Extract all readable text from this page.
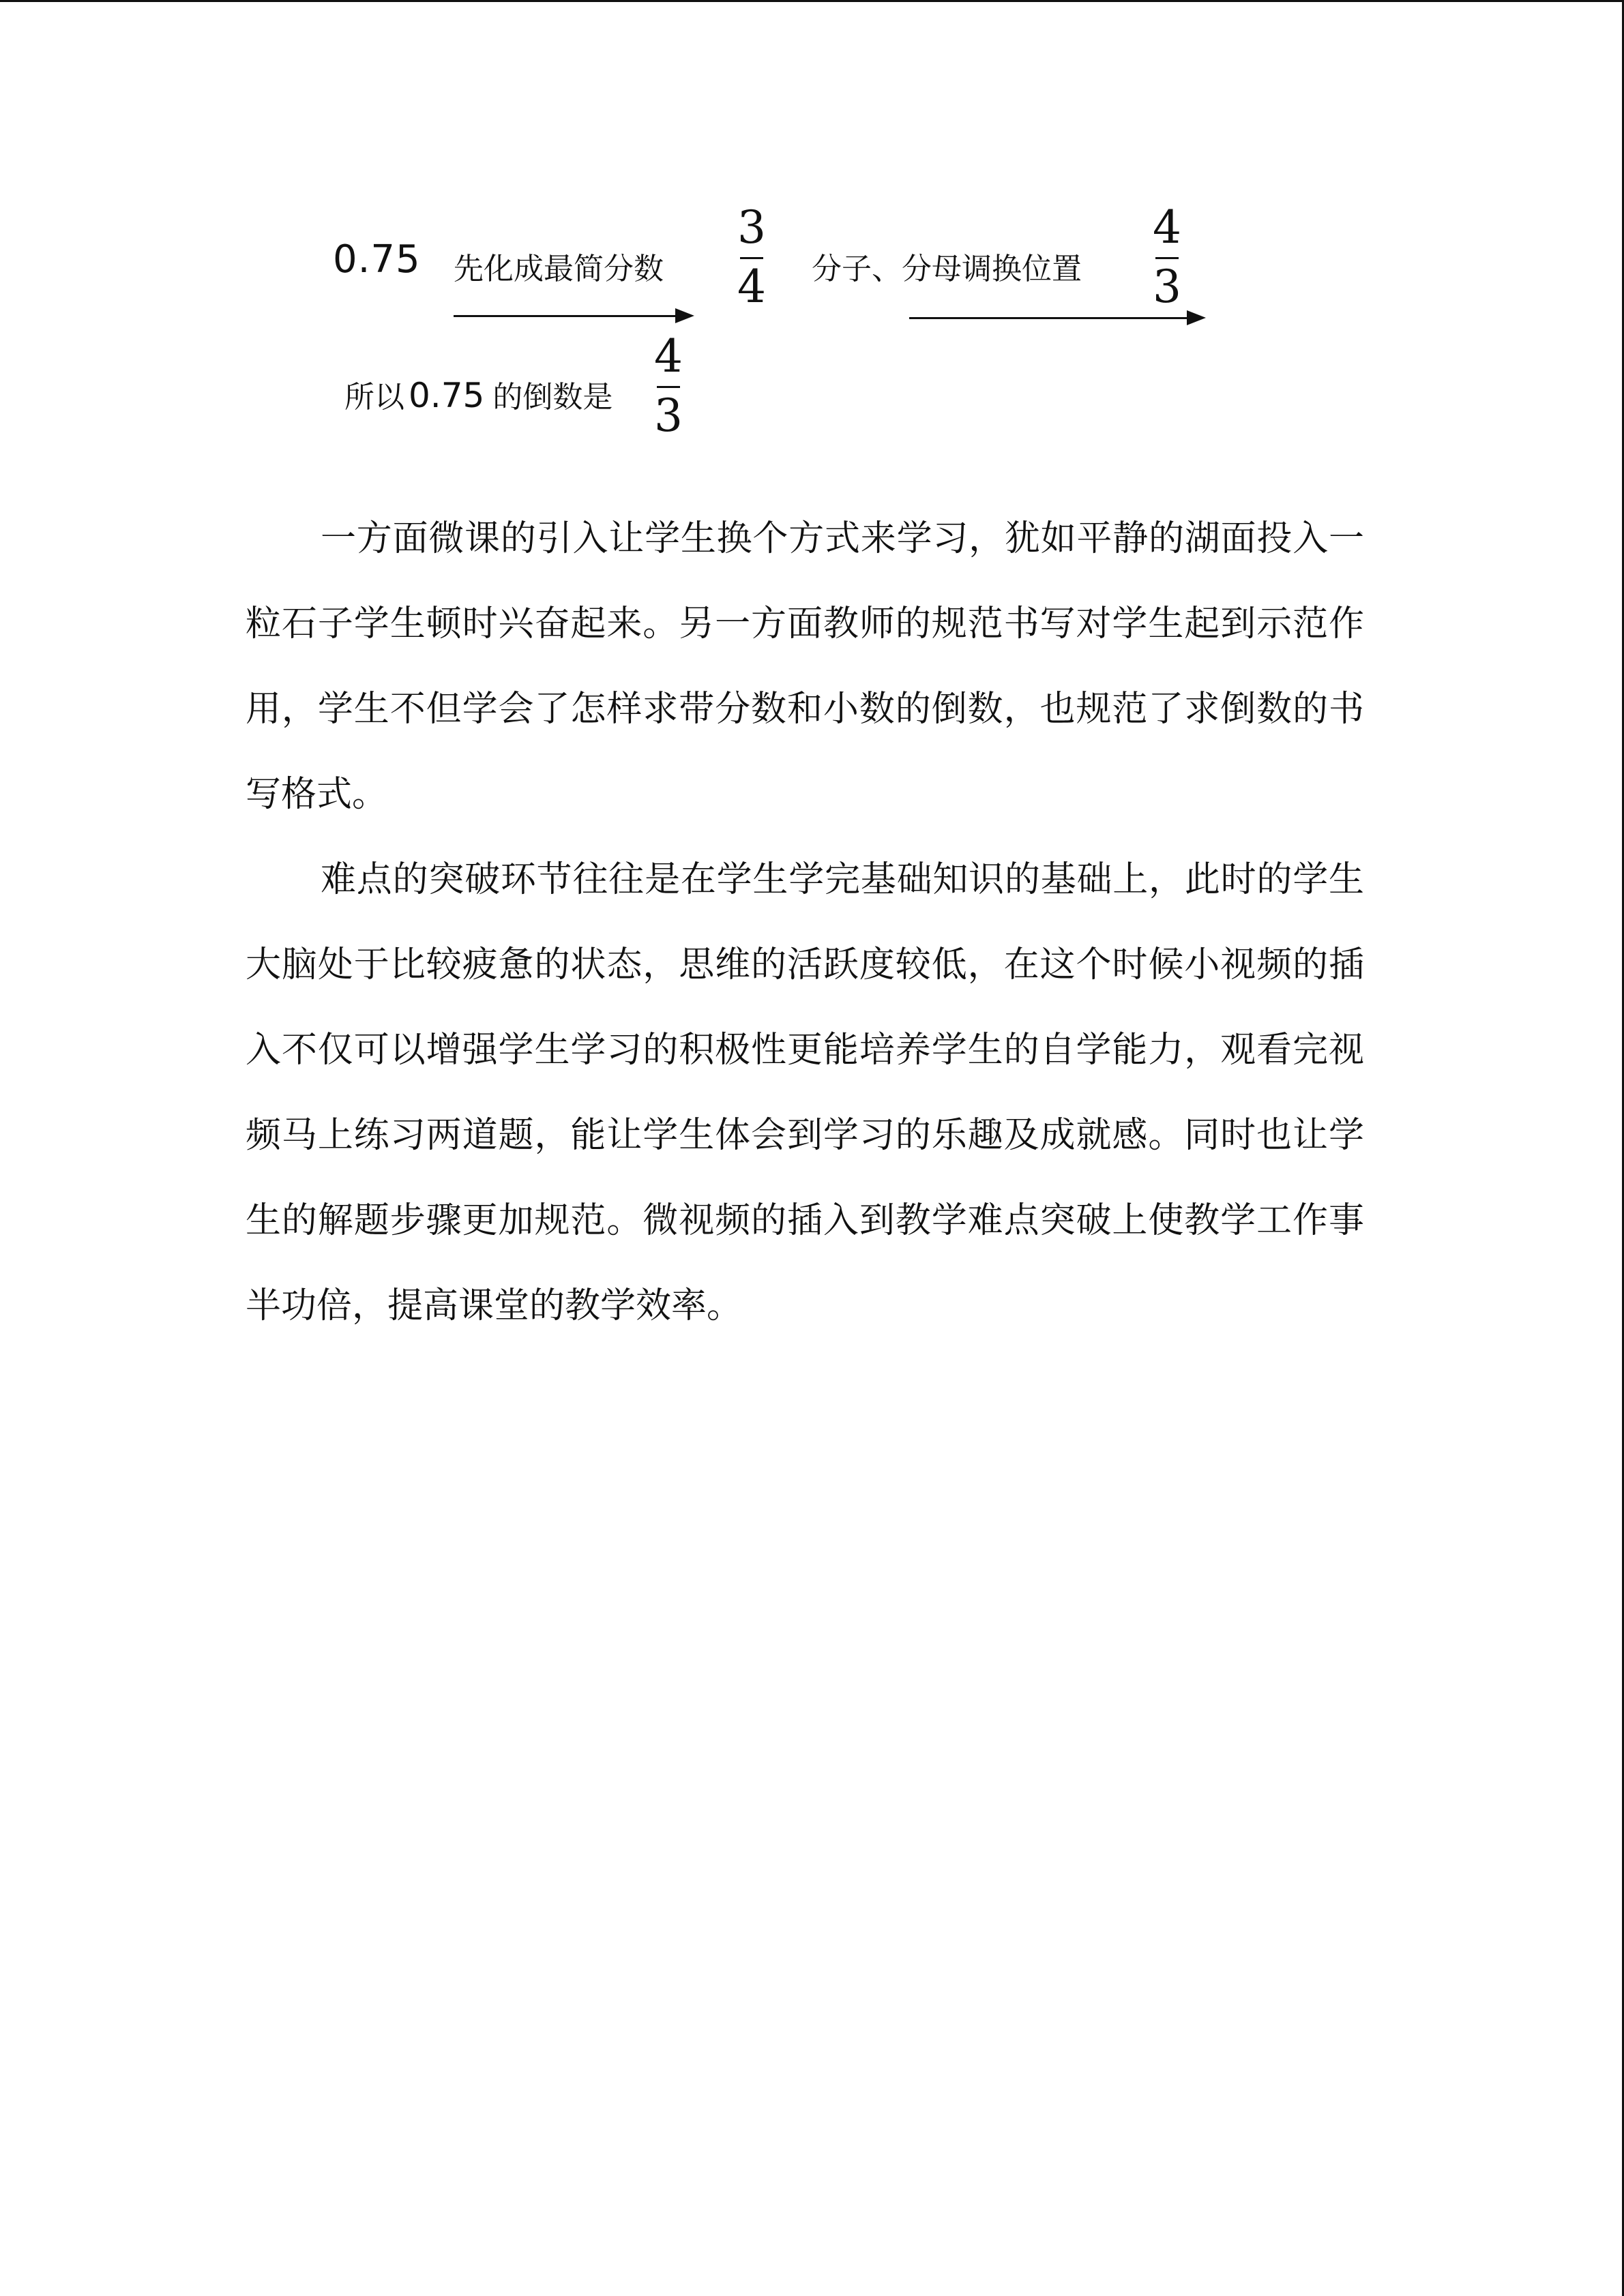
0.75 先化成最简分数
3
4	分子、分母调换位置
4
3
所以 0.75 的倒数是
4
3

一方面微课的引入让学生换个方式来学习，犹如平静的湖面投入一粒石子学生顿时兴奋起来。另一方面教师的规范书写对学生起到示范作用，学生不但学会了怎样求带分数和小数的倒数，也规范了求倒数的书写格式。

难点的突破环节往往是在学生学完基础知识的基础上，此时的学生大脑处于比较疲惫的状态，思维的活跃度较低，在这个时候小视频的插入不仅可以增强学生学习的积极性更能培养学生的自学能力，观看完视频马上练习两道题，能让学生体会到学习的乐趣及成就感。同时也让学生的解题步骤更加规范。微视频的插入到教学难点突破上使教学工作事半功倍，提高课堂的教学效率。
